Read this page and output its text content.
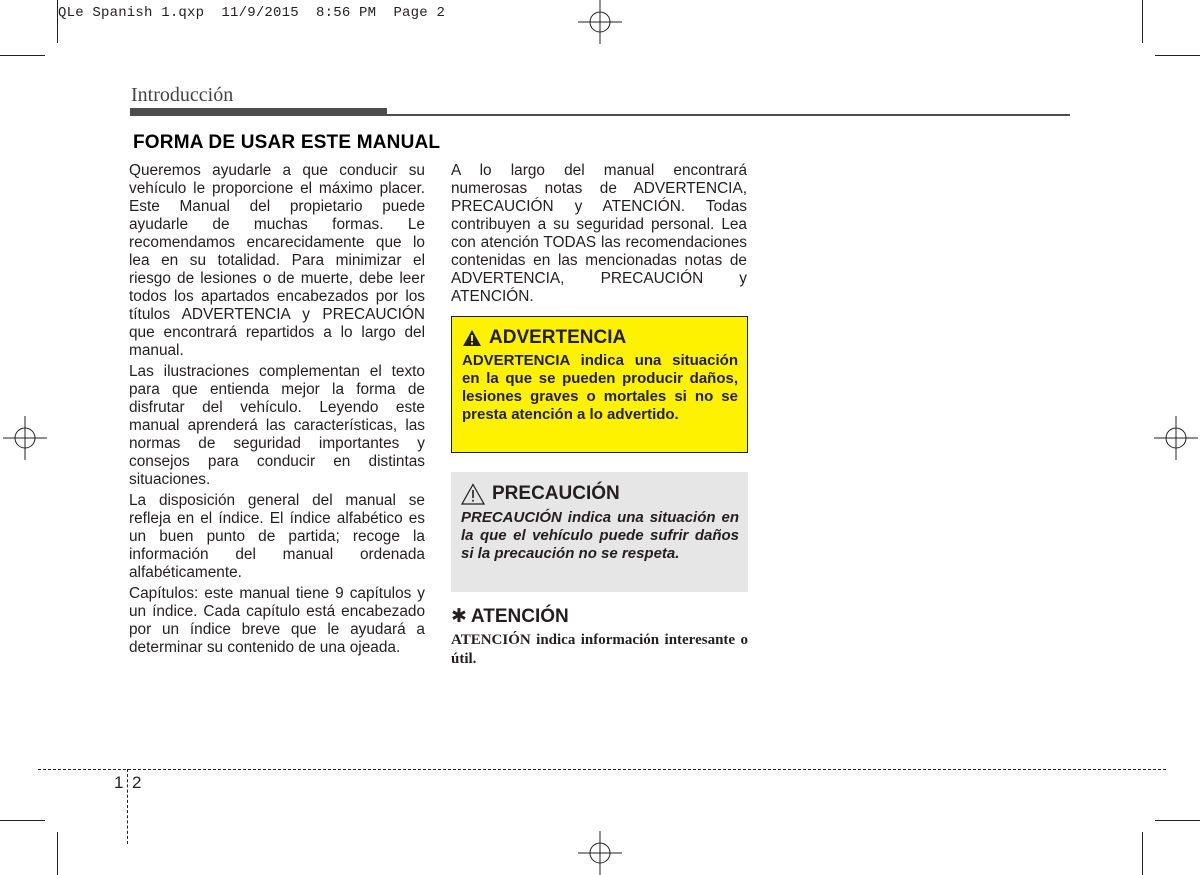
QLe Spanish 1.qxp  11/9/2015  8:56 PM  Page 2
Introducción
FORMA DE USAR ESTE MANUAL

Queremos ayudarle a que conducir su vehículo le proporcione el máximo placer. Este Manual del propietario puede ayudarle de muchas formas. Le recomendamos encarecidamente que lo lea en su totalidad. Para minimizar el riesgo de lesiones o de muerte, debe leer todos los apartados encabezados por los títulos ADVERTENCIA y PRECAUCIÓN que encontrará repartidos a lo largo del manual.

Las ilustraciones complementan el texto para que entienda mejor la forma de disfrutar del vehículo. Leyendo este manual aprenderá las características, las normas de seguridad importantes y consejos para conducir en distintas situaciones.

La disposición general del manual se refleja en el índice. El índice alfabético es un buen punto de partida; recoge la información del manual ordenada alfabéticamente.

Capítulos: este manual tiene 9 capítulos y un índice. Cada capítulo está encabezado por un índice breve que le ayudará a determinar su contenido de una ojeada.

A lo largo del manual encontrará numerosas notas de ADVERTENCIA, PRECAUCIÓN y ATENCIÓN. Todas contribuyen a su seguridad personal. Lea con atención TODAS las recomendaciones contenidas en las mencionadas notas de ADVERTENCIA, PRECAUCIÓN y ATENCIÓN.

ADVERTENCIA
ADVERTENCIA indica una situación en la que se pueden producir daños, lesiones graves o mortales si no se presta atención a lo advertido.
PRECAUCIÓN
PRECAUCIÓN indica una situación en la que el vehículo puede sufrir daños si la precaución no se respeta.
✱ ATENCIÓN
ATENCIÓN indica información interesante o útil.
1 2
